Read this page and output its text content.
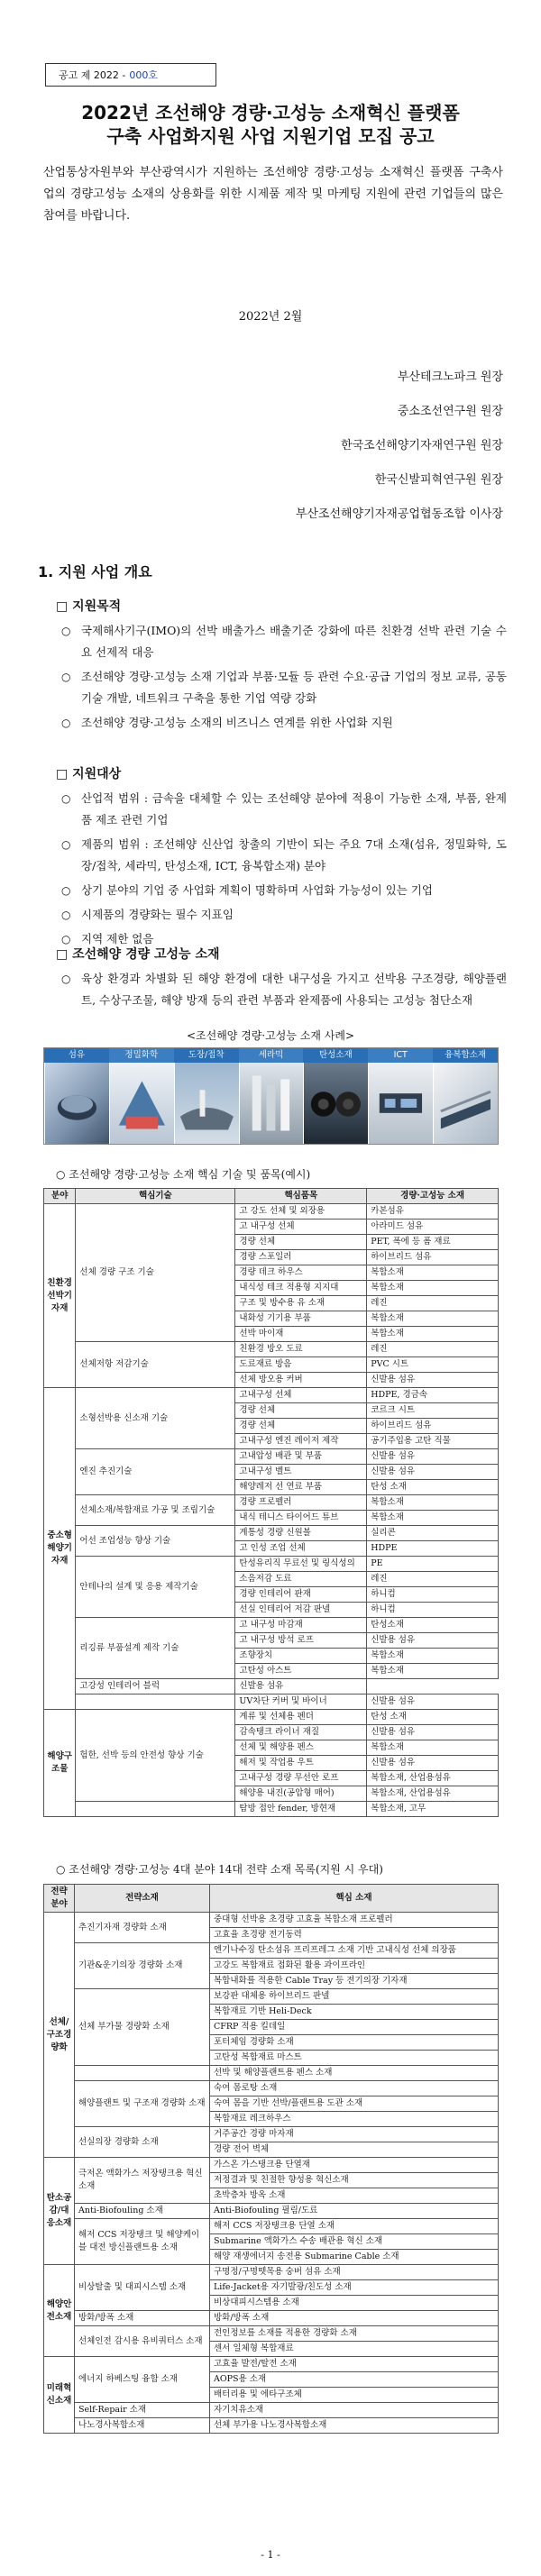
공고 제 2022 - 000호
2022년 조선해양 경량·고성능 소재혁신 플랫폼
구축 사업화지원 사업 지원기업 모집 공고

산업통상자원부와 부산광역시가 지원하는 조선해양 경량·고성능 소재혁신 플랫폼 구축사업의 경량고성능 소재의 상용화를 위한 시제품 제작 및 마케팅 지원에 관련 기업들의 많은 참여를 바랍니다.

2022년 2월
부산테크노파크 원장
중소조선연구원 원장
한국조선해양기자재연구원 원장
한국신발피혁연구원 원장
부산조선해양기자재공업협동조합 이사장
1. 지원 사업 개요
□ 지원목적
○ 국제해사기구(IMO)의 선박 배출가스 배출기준 강화에 따른 친환경 선박 관련 기술 수요 선제적 대응
○ 조선해양 경량·고성능 소재 기업과 부품·모듈 등 관련 수요·공급 기업의 정보 교류, 공동 기술 개발, 네트워크 구축을 통한 기업 역량 강화
○ 조선해양 경량·고성능 소재의 비즈니스 연계를 위한 사업화 지원
□ 지원대상
○ 산업적 범위 : 금속을 대체할 수 있는 조선해양 분야에 적용이 가능한 소재, 부품, 완제품 제조 관련 기업
○ 제품의 범위 : 조선해양 신산업 창출의 기반이 되는 주요 7대 소재(섬유, 정밀화학, 도장/접착, 세라믹, 탄성소재, ICT, 융복합소재) 분야
○ 상기 분야의 기업 중 사업화 계획이 명확하며 사업화 가능성이 있는 기업
○ 시제품의 경량화는 필수 지표임
○ 지역 제한 없음
□ 조선해양 경량 고성능 소재
○ 육상 환경과 차별화 된 해양 환경에 대한 내구성을 가지고 선박용 구조경량, 해양플랜트, 수상구조물, 해양 방재 등의 관련 부품과 완제품에 사용되는 고성능 첨단소재
<조선해양 경량·고성능 소재 사례>
섬유	정밀화학	도장/접착	세라믹	탄성소재	ICT	융복합소재
○ 조선해양 경량·고성능 소재 핵심 기술 및 품목(예시)
분야	핵심기술	핵심품목	경량·고성능 소재
친환경선박기자재	선체 경량 구조 기술	고 강도 선체 및 외장용	카본섬유
		고 내구성 선체	아라미드 섬유
		경량 선체	PET, 폭에 등 폼 재료
		경량 스포일러	하이브리드 섬유
		경량 데크 하우스	복합소재
		내식성 테크 적용형 지지대	복합소재
		구조 및 방수용 유 소재	레진
		내화성 기기용 부품	복합소재
		선박 마이재	복합소재
	선체저항 저감기술	친환경 방오 도료	레진
		도료재료 방음	PVC 시트
		선체 방오용 커버	신발용 섬유
중소형해양기자재	소형선박용 신소재 기술	고내구성 선체	HDPE, 경금속
		경량 선체	코르크 시트
		경량 선체	하이브리드 섬유
		고내구성 엔진 레이저 제작	공기주입용 고탄 직물
	엔진 추진기술	고내압성 배관 및 부품	신발용 섬유
		고내구성 벨트	신발용 섬유
		해양레저 선 연료 부품	탄성 소재
	선체소재/복합재료 가공 및 조립기술	경량 프로펠러	복합소재
		내식 테니스 타이어드 튜브	복합소재
	어선 조업성능 향상 기술	계통성 경량 신원볼	실리콘
		고 인성 조업 선체	HDPE
	안테나의 설계 및 응용 제작기술	탄성유리직 무료선 및 링식성의	PE
		소음저감 도료	레진
		경량 인테리어 판재	하니컴
		선실 인테리어 저감 판넬	하니컴
	리깅류 부품설계 제작 기술	고 내구성 마감재	탄성소재
		고 내구성 방석 로프	신발용 섬유
		조향장치	복합소재
		고탄성 아스트	복합소재
	고강성 인테리어 블럭	신발용 섬유	
		UV차단 커버 및 바이너	신발용 섬유
해양구조물	험한, 선박 등의 안전성 향상 기술	계류 및 선체용 펜더	탄성 소재
		감속탱크 라이너 재질	신발용 섬유
		선체 및 해양용 펜스	복합소재
		해저 및 작업용 우트	신발용 섬유
		고내구성 경량 무선안 로프	복합소재, 산업용섬유
		해양용 내진(공압형 매어)	복합소재, 산업용섬유
		탐방 접안 fender, 방현재	복합소재, 고무
○ 조선해양 경량·고성능 4대 분야 14대 전략 소재 목록(지원 시 우대)
전략분야	전략소재	핵심 소재
선체/구조경량화	추진기자재 경량화 소재	중대형 선박용 초경량 고효율 복합소재 프로펠러
		고효율 초경량 전기동력
	기관&운기의장 경량화 소재	엔기나수징 탄소섬유 프리프레그 소재 기반 고내식성 선체 의장품
		고강도 복합재료 접화된 활용 과이프라인
		복합내화를 적용한 Cable Tray 등 전기의장 기자재
	선체 부가물 경량화 소재	보강판 대체용 하이브리드 판넬
		복합재료 기반 Heli-Deck
		CFRP 적용 킬데일
		포터체임 경량화 소재
		고탄성 복합재료 마스트
		선박 및 해양플랜트용 펜스 소재
	해양플랜트 및 구조재 경량화 소재	숙여 몸로탕 소재
		숙여 몸을 기반 선박/플랜트용 도관 소재
		복합재료 레크하우스
	선실의장 경량화 소재	거주공간 경량 마자재
		경량 전어 벽체
탄소공감/대응소재	극저온 액화가스 저장탱크용 혁신소재	가스온 가스탱크용 단열재
		저정결과 및 친절한 향성용 혁신소재
		초박층차 방옥 소재
	Anti-Biofouling 소재	Anti-Biofouling 필림/도료
	해저 CCS 저장탱크 및 해양케이블 대전 방신플랜트용 소재	해저 CCS 저장탱크용 단열 소재
		Submarine 액화가스 수송 배관용 혁신 소재
		해양 재생에너지 송전용 Submarine Cable 소재
해양안전소재	비상탈출 및 대피시스템 소재	구명정/구명뗏목용 숭버 섬유 소재
		Life-Jacket용 자기발광/친도성 소재
		비상대피시스템용 소재
	방화/방폭 소재	방화/방폭 소재
	선체인전 감시용 유비쿼터스 소재	전인정보를 소재를 적용한 경량화 소재
		센서 일체형 복합재료
미래혁신소재	에너지 하베스팅 융합 소재	고효율 발전/탈전 소재
		AOPS용 소재
		배터리용 및 에타구조체
	Self-Repair 소재	자기치유소재
	나노경사복합소재	선체 부가용 나노경사복합소재
- 1 -
